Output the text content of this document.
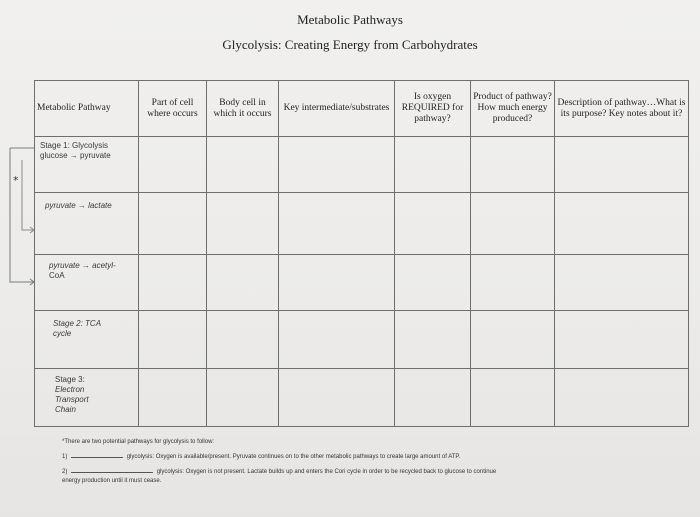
Metabolic Pathways
Glycolysis: Creating Energy from Carbohydrates
*
Metabolic Pathway	Part of cell where occurs	Body cell in which it occurs	Key intermediate/substrates	Is oxygen REQUIRED for pathway?	Product of pathway? How much energy produced?	Description of pathway…What is its purpose? Key notes about it?

Stage 1: Glycolysis
glucose → pyruvate						

pyruvate → lactate						

pyruvate → acetyl-
CoA						

Stage 2: TCA cycle						

Stage 3:
Electron Transport
Chain						

*There are two potential pathways for glycolysis to follow:
1)	glycolysis: Oxygen is available/present. Pyruvate continues on to the other metabolic pathways to create large amount of ATP.
2)	glycolysis: Oxygen is not present. Lactate builds up and enters the Cori cycle in order to be recycled back to glucose to continue
energy production until it must cease.
